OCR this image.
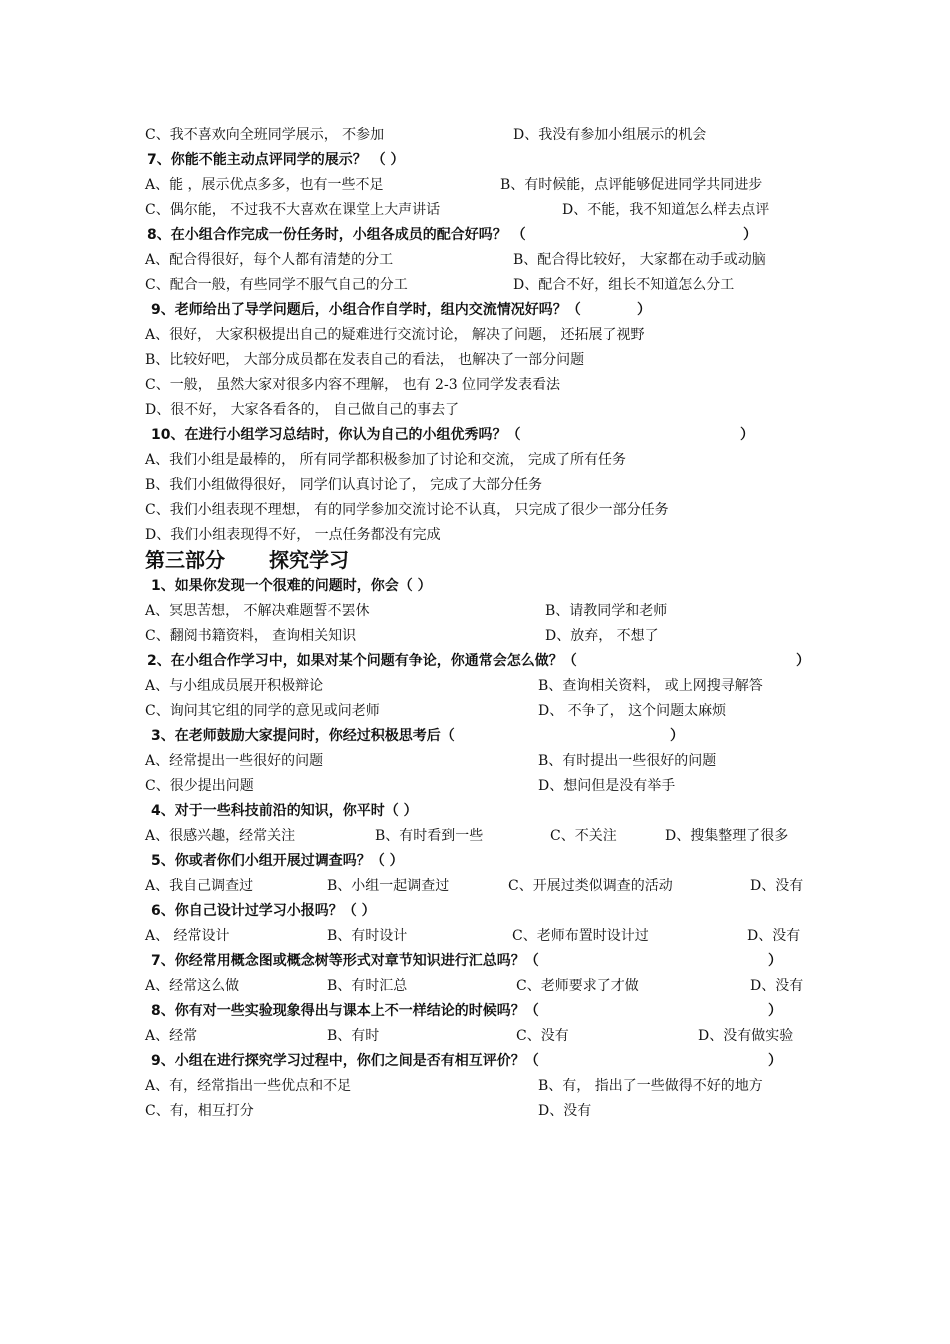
C、我不喜欢向全班同学展示， 不参加	D、我没有参加小组展示的机会
7、你能不能主动点评同学的展示？ （ ）
A、能 ，展示优点多多，也有一些不足	B、有时候能，点评能够促进同学共同进步
C、偶尔能， 不过我不大喜欢在课堂上大声讲话	D、不能，我不知道怎么样去点评
8、在小组合作完成一份任务时，小组各成员的配合好吗？ （	）
A、配合得很好，每个人都有清楚的分工	B、配合得比较好， 大家都在动手或动脑
C、配合一般，有些同学不服气自己的分工	D、配合不好，组长不知道怎么分工
9、老师给出了导学问题后，小组合作自学时，组内交流情况好吗？（	）
A、很好， 大家积极提出自己的疑难进行交流讨论， 解决了问题， 还拓展了视野
B、比较好吧， 大部分成员都在发表自己的看法， 也解决了一部分问题
C、一般， 虽然大家对很多内容不理解， 也有 2-3 位同学发表看法
D、很不好， 大家各看各的， 自己做自己的事去了
10、在进行小组学习总结时，你认为自己的小组优秀吗？（	）
A、我们小组是最棒的， 所有同学都积极参加了讨论和交流， 完成了所有任务
B、我们小组做得很好， 同学们认真讨论了， 完成了大部分任务
C、我们小组表现不理想， 有的同学参加交流讨论不认真， 只完成了很少一部分任务
D、我们小组表现得不好， 一点任务都没有完成
第三部分 探究学习
1、如果你发现一个很难的问题时，你会（ ）
A、冥思苦想， 不解决难题誓不罢休	B、请教同学和老师
C、翻阅书籍资料， 查询相关知识	D、放弃， 不想了
2、在小组合作学习中，如果对某个问题有争论，你通常会怎么做？（	）
A、与小组成员展开积极辩论	B、查询相关资料， 或上网搜寻解答
C、询问其它组的同学的意见或问老师	D、 不争了， 这个问题太麻烦
3、在老师鼓励大家提问时，你经过积极思考后（	）
A、经常提出一些很好的问题	B、有时提出一些很好的问题
C、很少提出问题	D、想问但是没有举手
4、对于一些科技前沿的知识，你平时（ ）
A、很感兴趣，经常关注	B、有时看到一些	C、不关注	D、搜集整理了很多
5、你或者你们小组开展过调查吗？（ ）
A、我自己调查过	B、小组一起调查过	C、开展过类似调查的活动	D、没有
6、你自己设计过学习小报吗？（ ）
A、 经常设计	B、有时设计	C、老师布置时设计过	D、没有
7、你经常用概念图或概念树等形式对章节知识进行汇总吗？（	）
A、经常这么做	B、有时汇总	C、老师要求了才做	D、没有
8、你有对一些实验现象得出与课本上不一样结论的时候吗？（	）
A、经常	B、有时	C、没有	D、没有做实验
9、小组在进行探究学习过程中，你们之间是否有相互评价？（	）
A、有，经常指出一些优点和不足	B、有， 指出了一些做得不好的地方
C、有，相互打分	D、没有
